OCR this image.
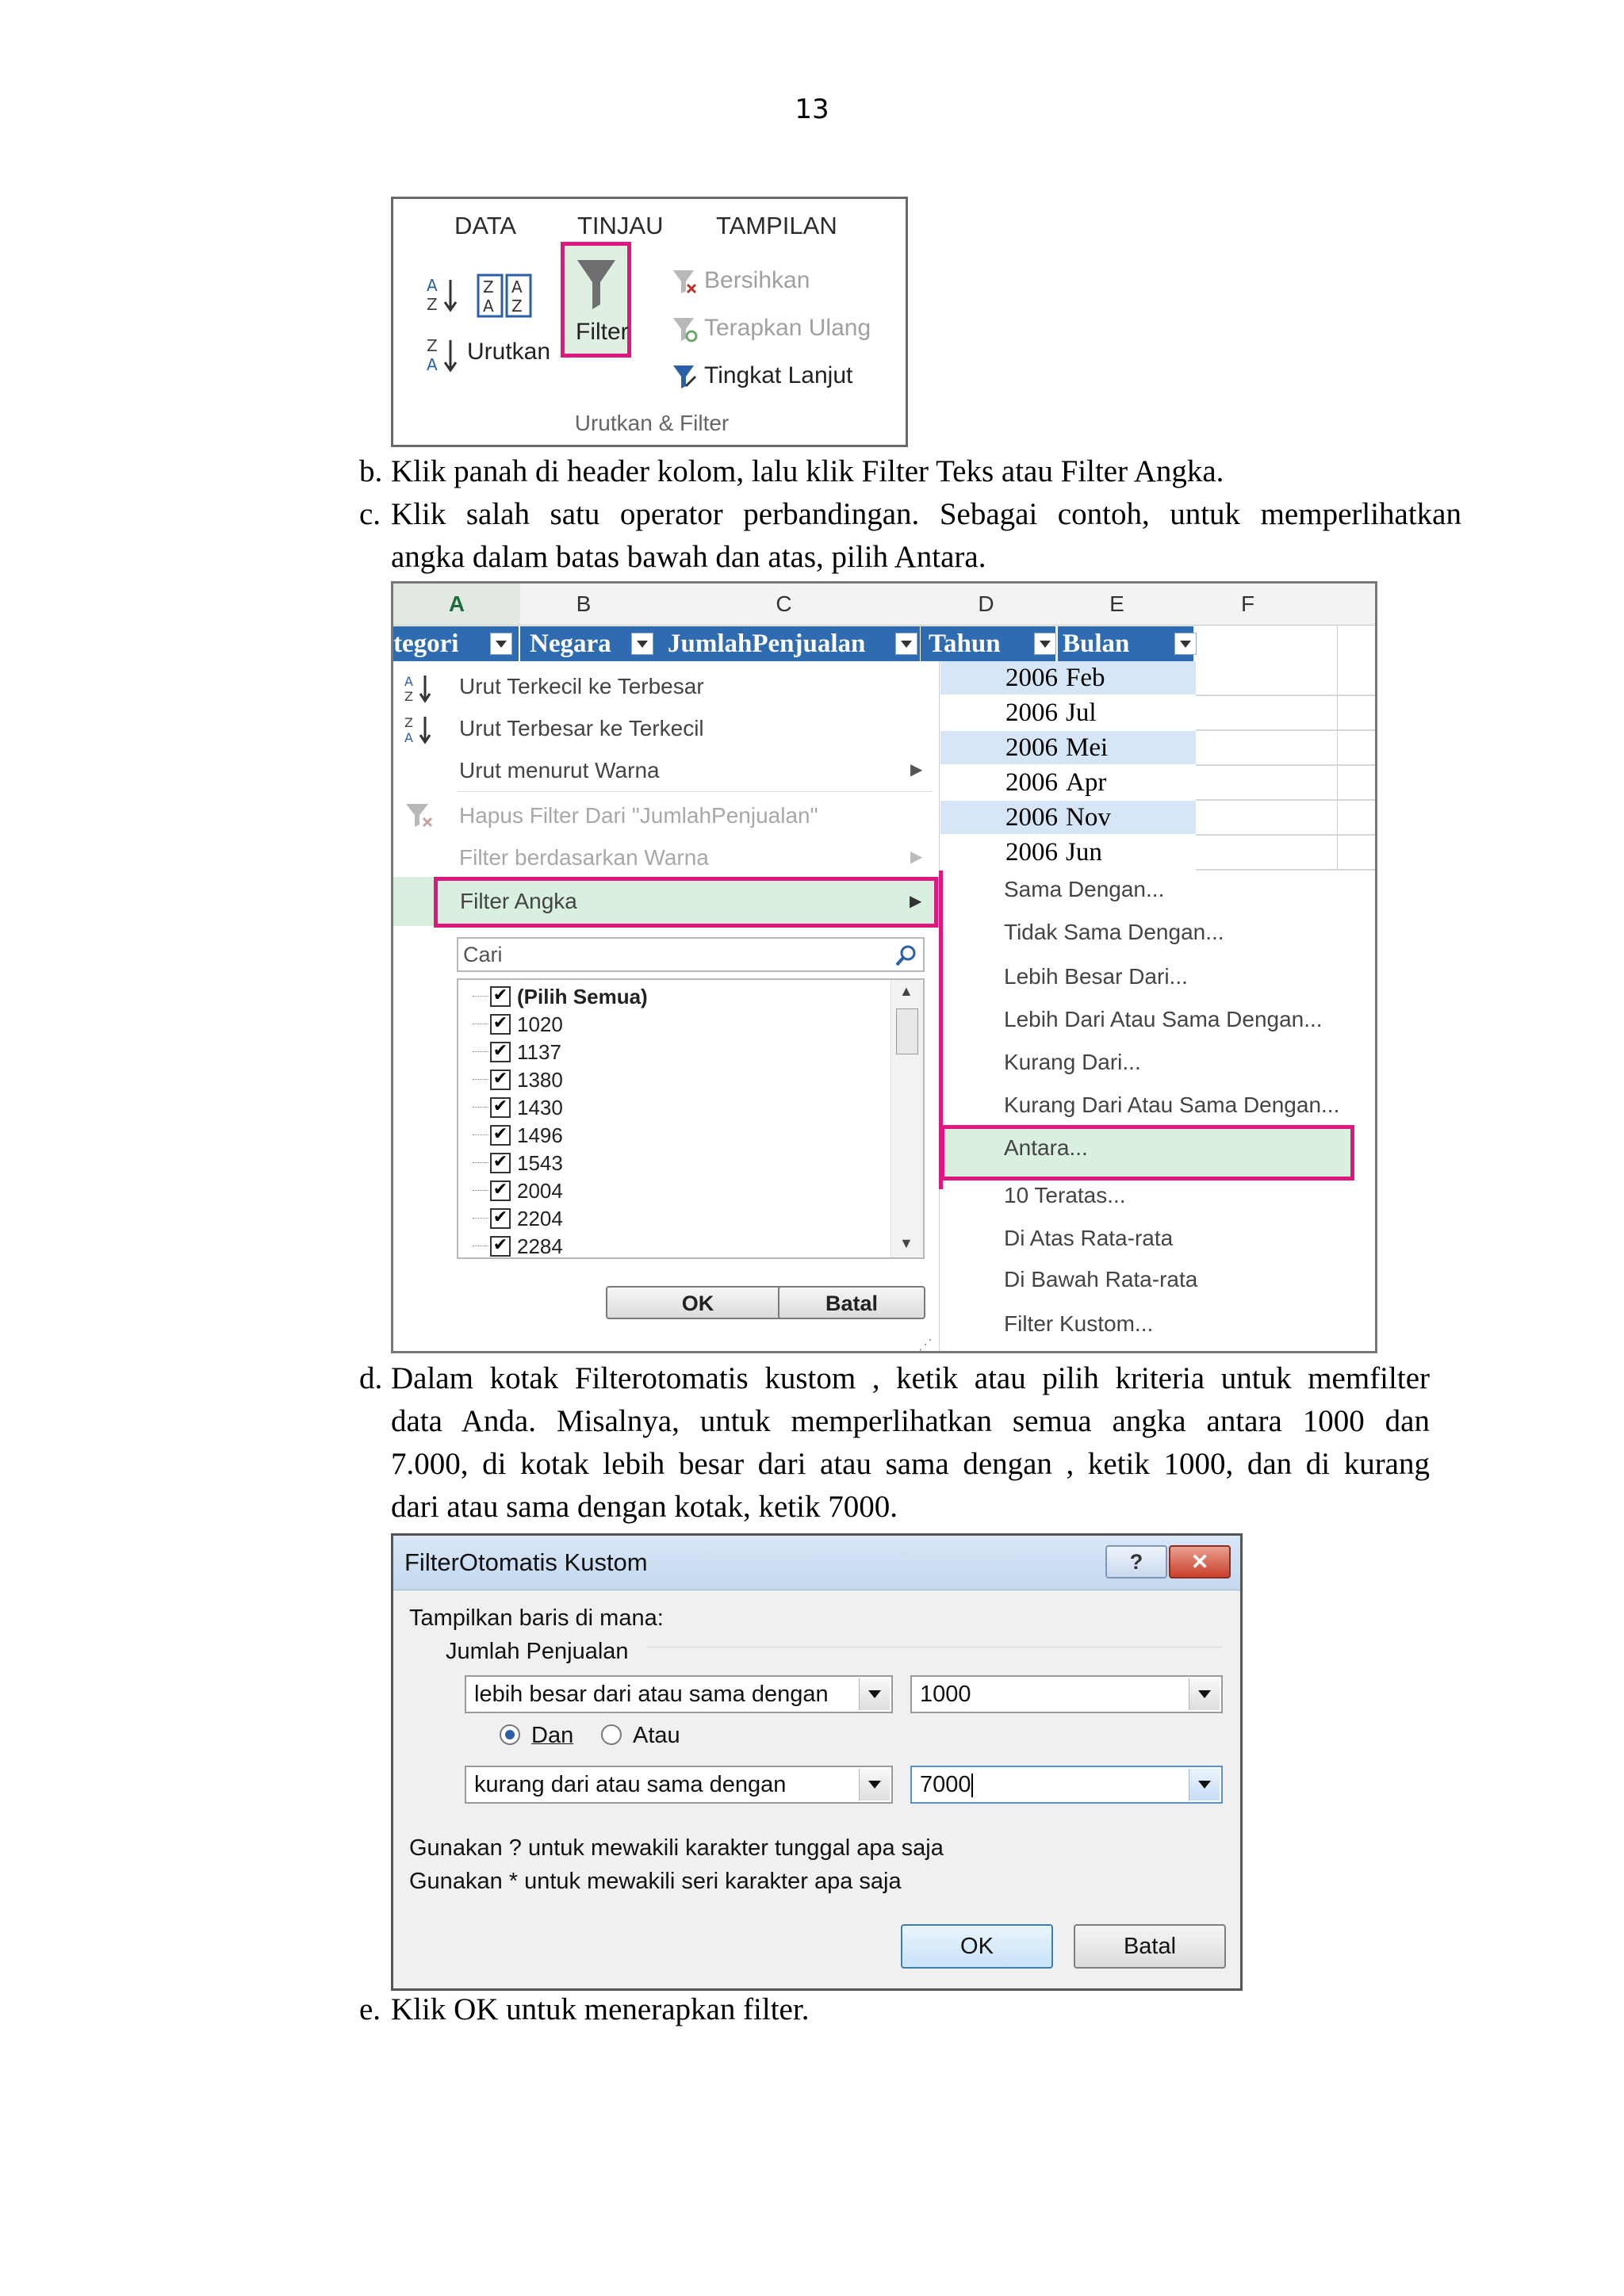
13
DATA TINJAU TAMPILAN
A
Z
Z
A
A
Z
Z
A Urutkan
Filter
Bersihkan
Terapkan Ulang
Tingkat Lanjut
Urutkan & Filter
b. Klik panah di header kolom, lalu klik Filter Teks atau Filter Angka.
c. Klik salah satu operator perbandingan. Sebagai contoh, untuk memperlihatkan
angka dalam batas bawah dan atas, pilih Antara.
A	B	C	D	E	F
tegori	Negara	JumlahPenjualan	Tahun	Bulan
2006 Feb
2006 Jul
2006 Mei
2006 Apr
2006 Nov
2006 Jun
A
Z Urut Terkecil ke Terbesar
Z
A Urut Terbesar ke Terkecil
Urut menurut Warna	▶
Hapus Filter Dari "JumlahPenjualan"
Filter berdasarkan Warna	▶
Filter Angka	▶
Cari
✔ (Pilih Semua)
✔ 1020
✔ 1137
✔ 1380
✔ 1430
✔ 1496
✔ 1543
✔ 2004
✔ 2204
✔ 2284
▲
▼
OK	Batal
⋰
Sama Dengan...
Tidak Sama Dengan...
Lebih Besar Dari...
Lebih Dari Atau Sama Dengan...
Kurang Dari...
Kurang Dari Atau Sama Dengan...
Antara...
10 Teratas...
Di Atas Rata-rata
Di Bawah Rata-rata
Filter Kustom...
d. Dalam kotak Filterotomatis kustom , ketik atau pilih kriteria untuk memfilter
data Anda. Misalnya, untuk memperlihatkan semua angka antara 1000 dan
7.000, di kotak lebih besar dari atau sama dengan , ketik 1000, dan di kurang
dari atau sama dengan kotak, ketik 7000.
FilterOtomatis Kustom	?	✕
Tampilkan baris di mana:
Jumlah Penjualan
lebih besar dari atau sama dengan	1000
Dan	Atau
kurang dari atau sama dengan	7000
Gunakan ? untuk mewakili karakter tunggal apa saja
Gunakan * untuk mewakili seri karakter apa saja
OK	Batal
e. Klik OK untuk menerapkan filter.
